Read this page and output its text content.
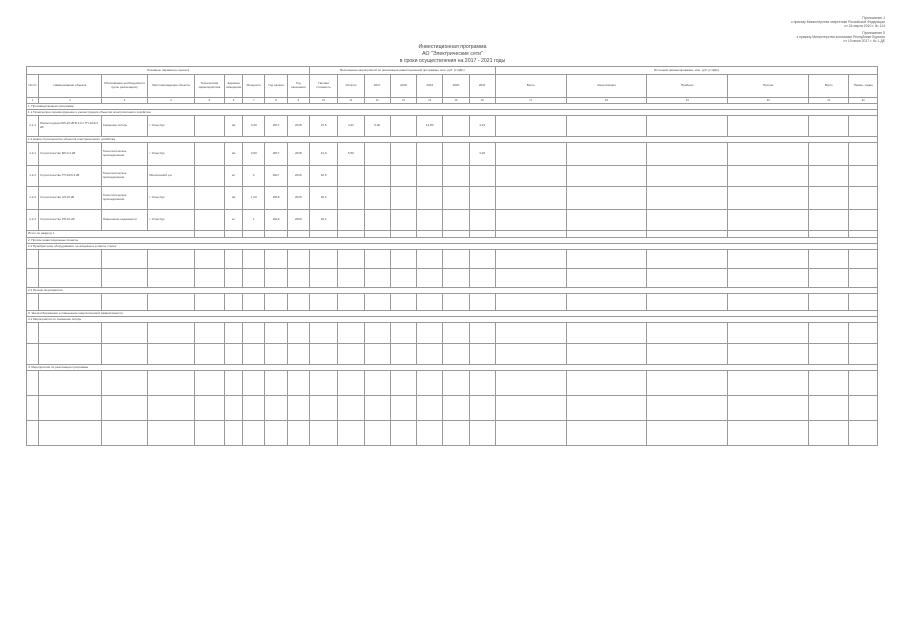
Приложение 1
к приказу Министерства энергетики Российской Федерации
от 24 марта 2010 г. № 114
Приложение 5
к приказу Министерства экономики Республики Бурятия
от 19 июля 2017 г. № 1-ДЕ
Инвестиционная программа
АО "Электрические сети"
в сроки осуществления на 2017 - 2021 годы
Основные параметры проекта									Выполнение мероприятий по реализации инвестиционной программы, млн. руб. (с НДС)							Источники финансирования, млн. руб. (с НДС)					
№ п/п	Наименование объекта	Обоснование необходимости (цель реализации)	Местонахождение объекта	Техническая характеристика	Единица измерения	Мощность	Год начала	Год окончания	Полная стоимость	Остаток	2017	2018	2019	2020	2021	Всего	Амортизация	Прибыль	Прочие	Всего	Приме- чание
1	2	3	4	5	6	7	8	9	10	11	12	13	14	15	16	17	18	19	20	21	22
1. Производственная программа																					
1.1 Техническое перевооружение и реконструкция объектов электросетевого хозяйства																					
1.1.1	Реконструкция ВЛ-10 кВ Ф-10 и ТП-10/0,4 кВ	Снижение потерь	г. Улан-Удэ		км	4,20	2017	2018	27,5	4,21	0,00		12,80		4,21						
1.2 Новое строительство объектов электросетевого хозяйства																					
1.2.1	Строительство ВЛ-0,4 кВ	Технологическое присоединение	г. Улан-Удэ		км	3,50	2017	2018	14,0	5,50					3,20						
1.2.2	Строительство ТП-10/0,4 кВ	Технологическое присоединение	Иволгинский р-н		шт	2	2017	2019	22,5												
1.2.3	Строительство КЛ-10 кВ	Технологическое присоединение	г. Улан-Удэ		км	1,20	2018	2019	18,2												
1.2.4	Строительство РП-10 кВ	Повышение надежности	г. Улан-Удэ		шт	1	2019	2020	40,1												
Итого по разделу 1																					
2. Прочие инвестиционные проекты																					
2.1 Приобретение оборудования, не входящего в сметы строек																					

2.2 Прочие мероприятия																					

3. Энергосбережение и повышение энергетической эффективности																					
3.1 Мероприятия по снижению потерь																					

4. Мероприятия по реализации программы																					
